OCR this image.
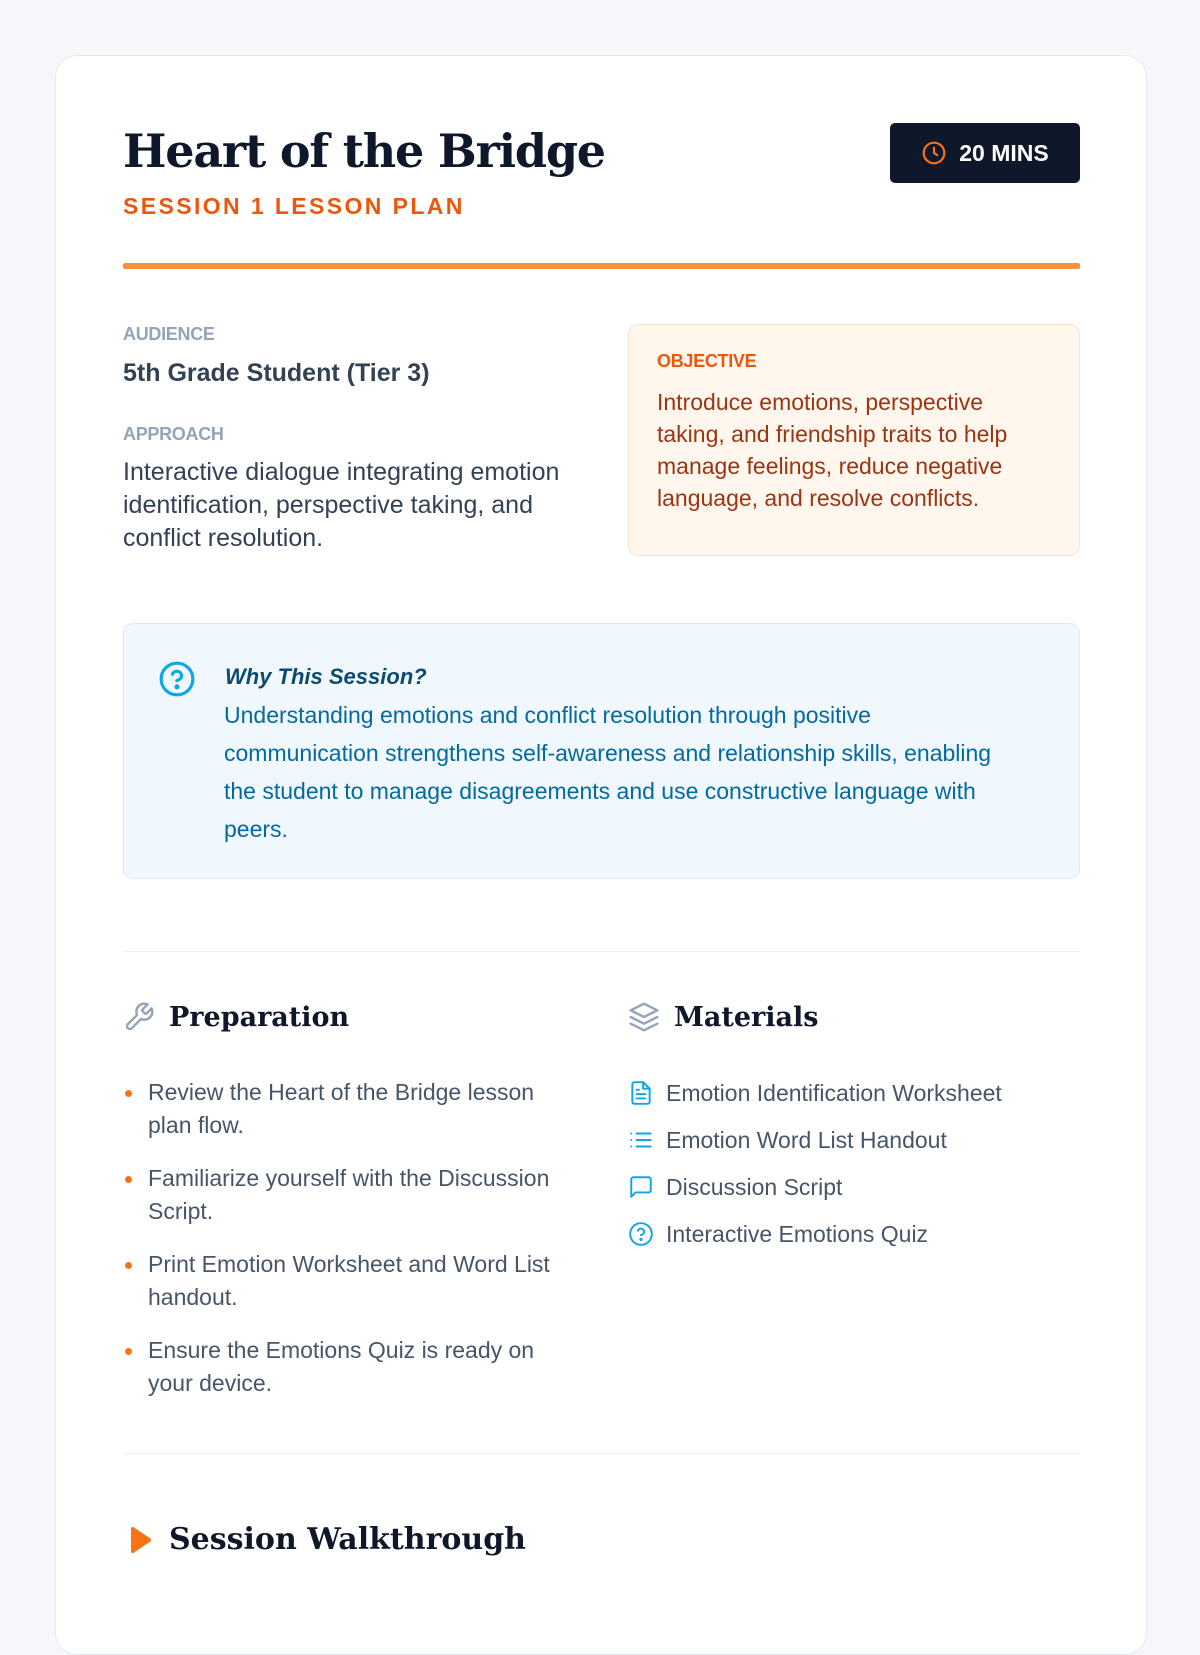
Heart of the Bridge
SESSION 1 LESSON PLAN
20 MINS
AUDIENCE
5th Grade Student (Tier 3)
APPROACH
Interactive dialogue integrating emotion identification, perspective taking, and conflict resolution.
OBJECTIVE
Introduce emotions, perspective taking, and friendship traits to help manage feelings, reduce negative language, and resolve conflicts.
Why This Session?
Understanding emotions and conflict resolution through positive communication strengthens self-awareness and relationship skills, enabling the student to manage disagreements and use constructive language with peers.
Preparation
Review the Heart of the Bridge lesson plan flow.
Familiarize yourself with the Discussion Script.
Print Emotion Worksheet and Word List handout.
Ensure the Emotions Quiz is ready on your device.
Materials
Emotion Identification Worksheet
Emotion Word List Handout
Discussion Script
Interactive Emotions Quiz
Session Walkthrough
